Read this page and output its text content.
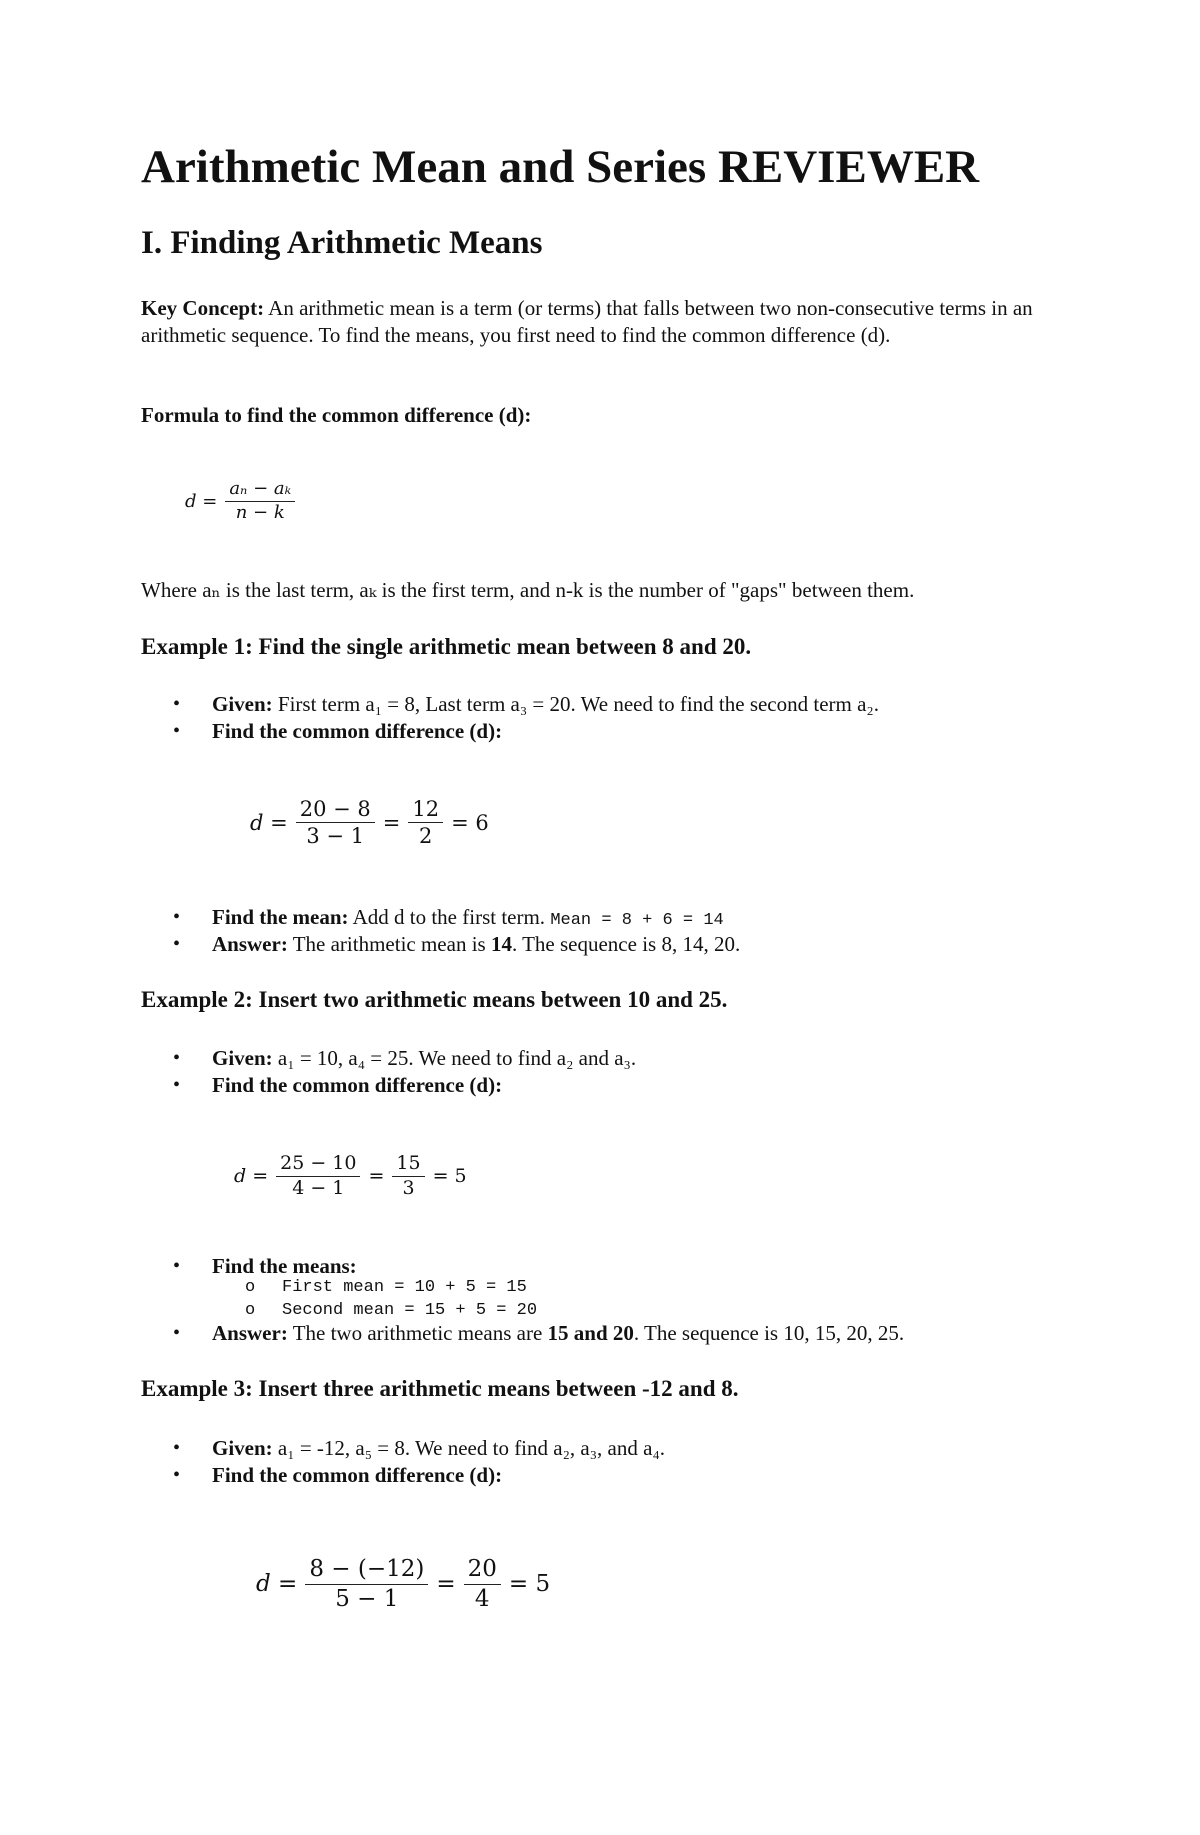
Arithmetic Mean and Series REVIEWER
I. Finding Arithmetic Means
Key Concept: An arithmetic mean is a term (or terms) that falls between two non-consecutive terms in an arithmetic sequence. To find the means, you first need to find the common difference (d).
Formula to find the common difference (d):
$d = \frac{\text{aₙ − aₖ}}{n - k}$
Where aₙ is the last term, aₖ is the first term, and n-k is the number of "gaps" between them.
Example 1: Find the single arithmetic mean between 8 and 20.
• Given: First term a₁ = 8, Last term a₃ = 20. We need to find the second term a₂.
• Find the common difference (d):
$d = \frac{20 - 8}{3 - 1} = \frac{12}{2} = 6$
• Find the mean: Add d to the first term. Mean = 8 + 6 = 14
• Answer: The arithmetic mean is 14. The sequence is 8, 14, 20.
Example 2: Insert two arithmetic means between 10 and 25.
• Given: a₁ = 10, a₄ = 25. We need to find a₂ and a₃.
• Find the common difference (d):
$d = \frac{25 - 10}{4 - 1} = \frac{15}{3} = 5$
• Find the means:
o First mean = 10 + 5 = 15
o Second mean = 15 + 5 = 20
• Answer: The two arithmetic means are 15 and 20. The sequence is 10, 15, 20, 25.
Example 3: Insert three arithmetic means between -12 and 8.
• Given: a₁ = -12, a₅ = 8. We need to find a₂, a₃, and a₄.
• Find the common difference (d):
$d = \frac{8 - (-12)}{5 - 1} = \frac{20}{4} = 5$
